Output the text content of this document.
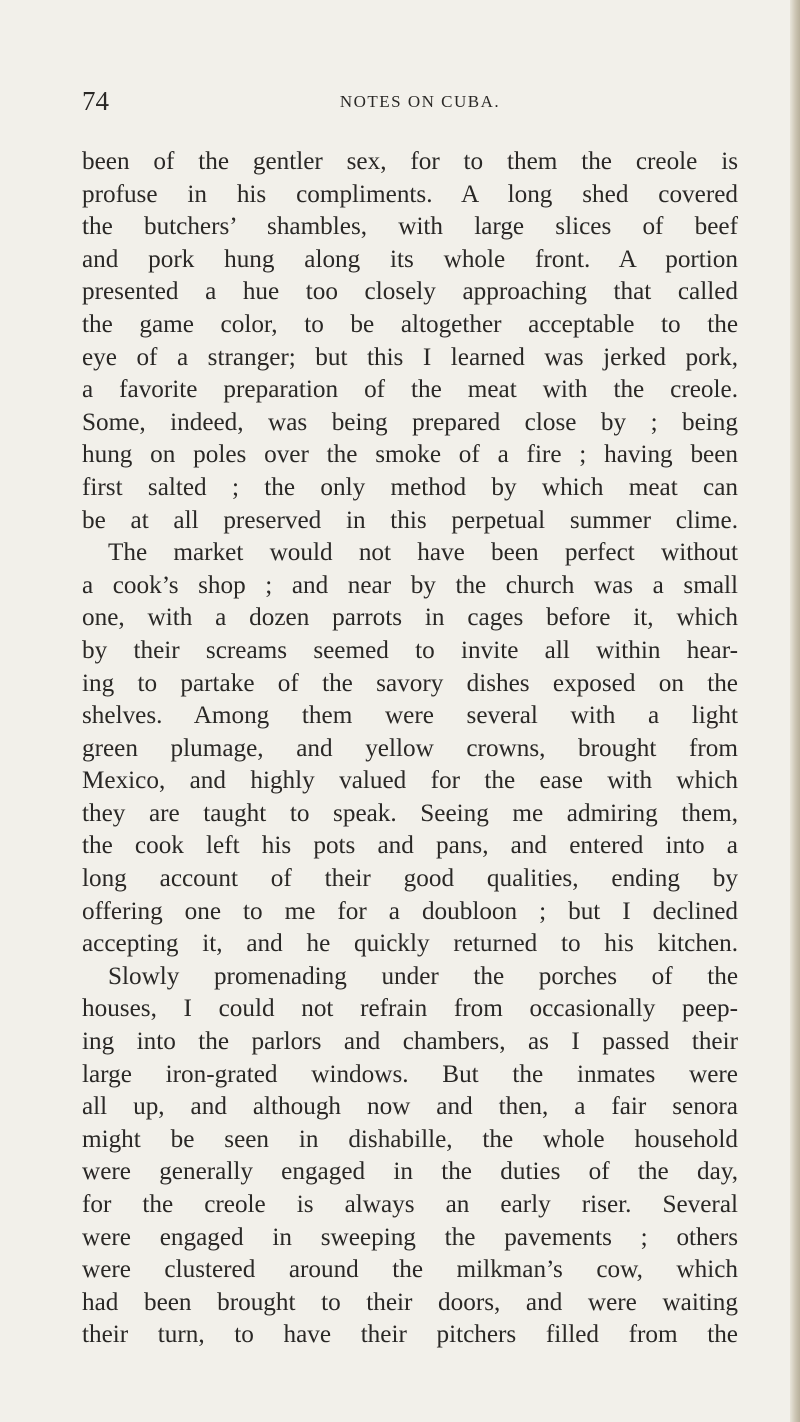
74	NOTES ON CUBA.
been of the gentler sex, for to them the creole is
profuse in his compliments. A long shed covered
the butchers’ shambles, with large slices of beef
and pork hung along its whole front. A portion
presented a hue too closely approaching that called
the game color, to be altogether acceptable to the
eye of a stranger; but this I learned was jerked pork,
a favorite preparation of the meat with the creole.
Some, indeed, was being prepared close by ; being
hung on poles over the smoke of a fire ; having been
first salted ; the only method by which meat can
be at all preserved in this perpetual summer clime.
The market would not have been perfect without
a cook’s shop ; and near by the church was a small
one, with a dozen parrots in cages before it, which
by their screams seemed to invite all within hear-
ing to partake of the savory dishes exposed on the
shelves. Among them were several with a light
green plumage, and yellow crowns, brought from
Mexico, and highly valued for the ease with which
they are taught to speak. Seeing me admiring them,
the cook left his pots and pans, and entered into a
long account of their good qualities, ending by
offering one to me for a doubloon ; but I declined
accepting it, and he quickly returned to his kitchen.
Slowly promenading under the porches of the
houses, I could not refrain from occasionally peep-
ing into the parlors and chambers, as I passed their
large iron-grated windows. But the inmates were
all up, and although now and then, a fair senora
might be seen in dishabille, the whole household
were generally engaged in the duties of the day,
for the creole is always an early riser. Several
were engaged in sweeping the pavements ; others
were clustered around the milkman’s cow, which
had been brought to their doors, and were waiting
their turn, to have their pitchers filled from the
